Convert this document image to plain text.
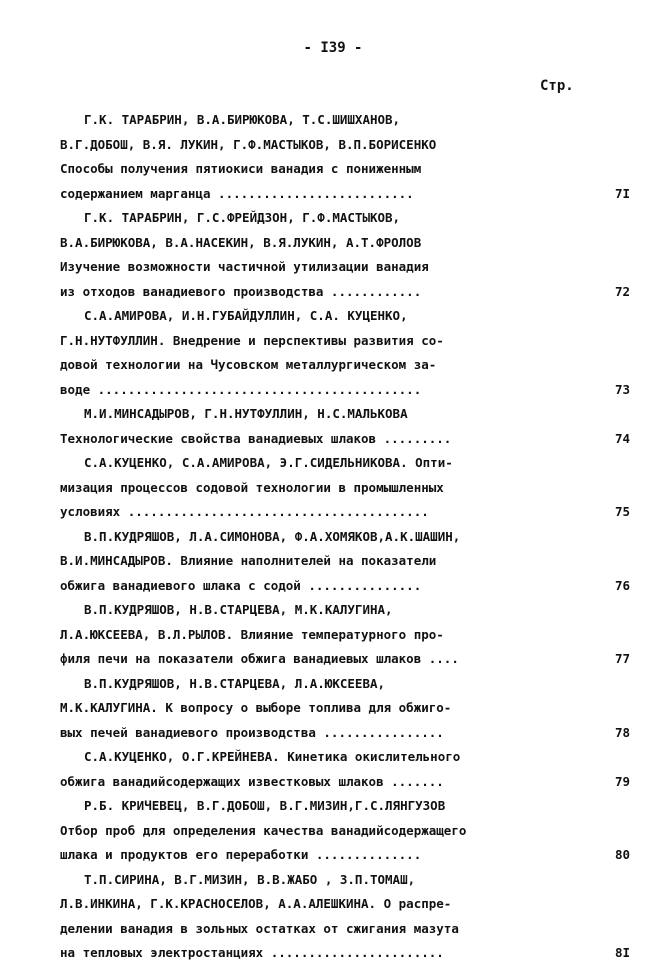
- I39 -
Стр.
Г.К. ТАРАБРИН, В.А.БИРЮКОВА, Т.С.ШИШХАНОВ,
В.Г.ДОБОШ, В.Я. ЛУКИН, Г.Ф.МАСТЫКОВ, В.П.БОРИСЕНКО
Способы получения пятиокиси ванадия с пониженным
содержанием марганца ..........................	7I
Г.К. ТАРАБРИН, Г.С.ФРЕЙДЗОН, Г.Ф.МАСТЫКОВ,
В.А.БИРЮКОВА, В.А.НАСЕКИН, В.Я.ЛУКИН, А.Т.ФРОЛОВ
Изучение возможности частичной утилизации ванадия
из отходов ванадиевого производства ............	72
С.А.АМИРОВА, И.Н.ГУБАЙДУЛЛИН, С.А. КУЦЕНКО,
Г.Н.НУТФУЛЛИН. Внедрение и перспективы развития со-
довой технологии на Чусовском металлургическом за-
воде ...........................................	73
М.И.МИНСАДЫРОВ, Г.Н.НУТФУЛЛИН, Н.С.МАЛЬКОВА
Технологические свойства ванадиевых шлаков .........	74
С.А.КУЦЕНКО, С.А.АМИРОВА, Э.Г.СИДЕЛЬНИКОВА. Опти-
мизация процессов содовой технологии в промышленных
условиях ........................................	75
В.П.КУДРЯШОВ, Л.А.СИМОНОВА, Ф.А.ХОМЯКОВ,А.К.ШАШИН,
В.И.МИНСАДЫРОВ. Влияние наполнителей на показатели
обжига ванадиевого шлака с содой ...............	76
В.П.КУДРЯШОВ, Н.В.СТАРЦЕВА, М.К.КАЛУГИНА,
Л.А.ЮКСЕЕВА, В.Л.РЫЛОВ. Влияние температурного про-
филя печи на показатели обжига ванадиевых шлаков ....	77
В.П.КУДРЯШОВ, Н.В.СТАРЦЕВА, Л.А.ЮКСЕЕВА,
М.К.КАЛУГИНА. К вопросу о выборе топлива для обжиго-
вых печей ванадиевого производства ................	78
С.А.КУЦЕНКО, О.Г.КРЕЙНЕВА. Кинетика окислительного
обжига ванадийсодержащих известковых шлаков .......	79
Р.Б. КРИЧЕВЕЦ, В.Г.ДОБОШ, В.Г.МИЗИН,Г.С.ЛЯНГУЗОВ
Отбор проб для определения качества ванадийсодержащего
шлака и продуктов его переработки ..............	80
Т.П.СИРИНА, В.Г.МИЗИН, В.В.ЖАБО , З.П.ТОМАШ,
Л.В.ИНКИНА, Г.К.КРАСНОСЕЛОВ, А.А.АЛЕШКИНА. О распре-
делении ванадия в зольных остатках от сжигания мазута
на тепловых электростанциях .......................	8I
